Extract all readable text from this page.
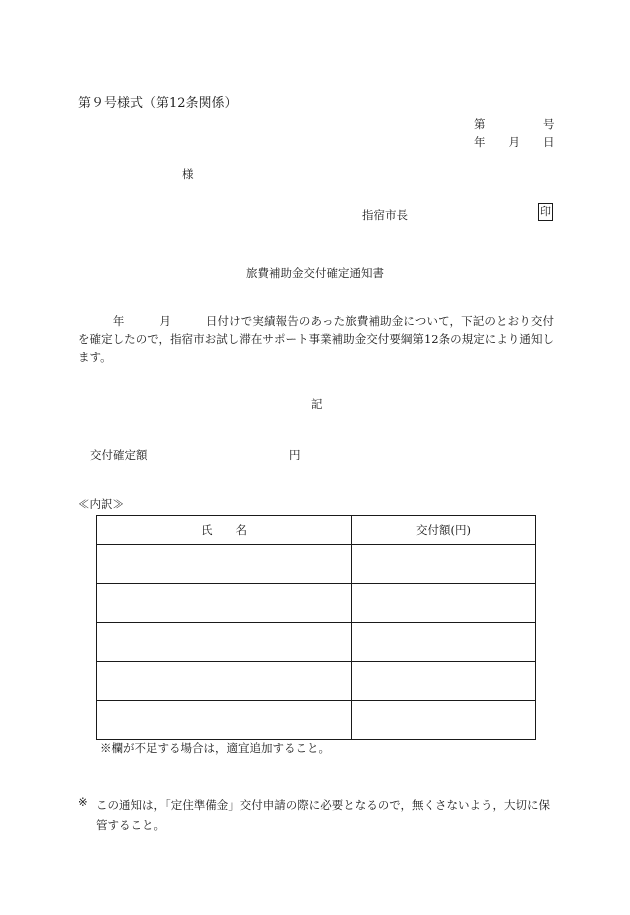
第９号様式（第12条関係）
第　　　　　号
年　　月　　日
様
指宿市長	印
旅費補助金交付確定通知書
　　　年　　　月　　　日付けで実績報告のあった旅費補助金について，下記のとおり交付を確定したので，指宿市お試し滞在サポート事業補助金交付要綱第12条の規定により通知します。
記
交付確定額	円
≪内訳≫
氏　　名	交付額(円)

※欄が不足する場合は，適宜追加すること。
※ この通知は，「定住準備金」交付申請の際に必要となるので，無くさないよう，大切に保管すること。
